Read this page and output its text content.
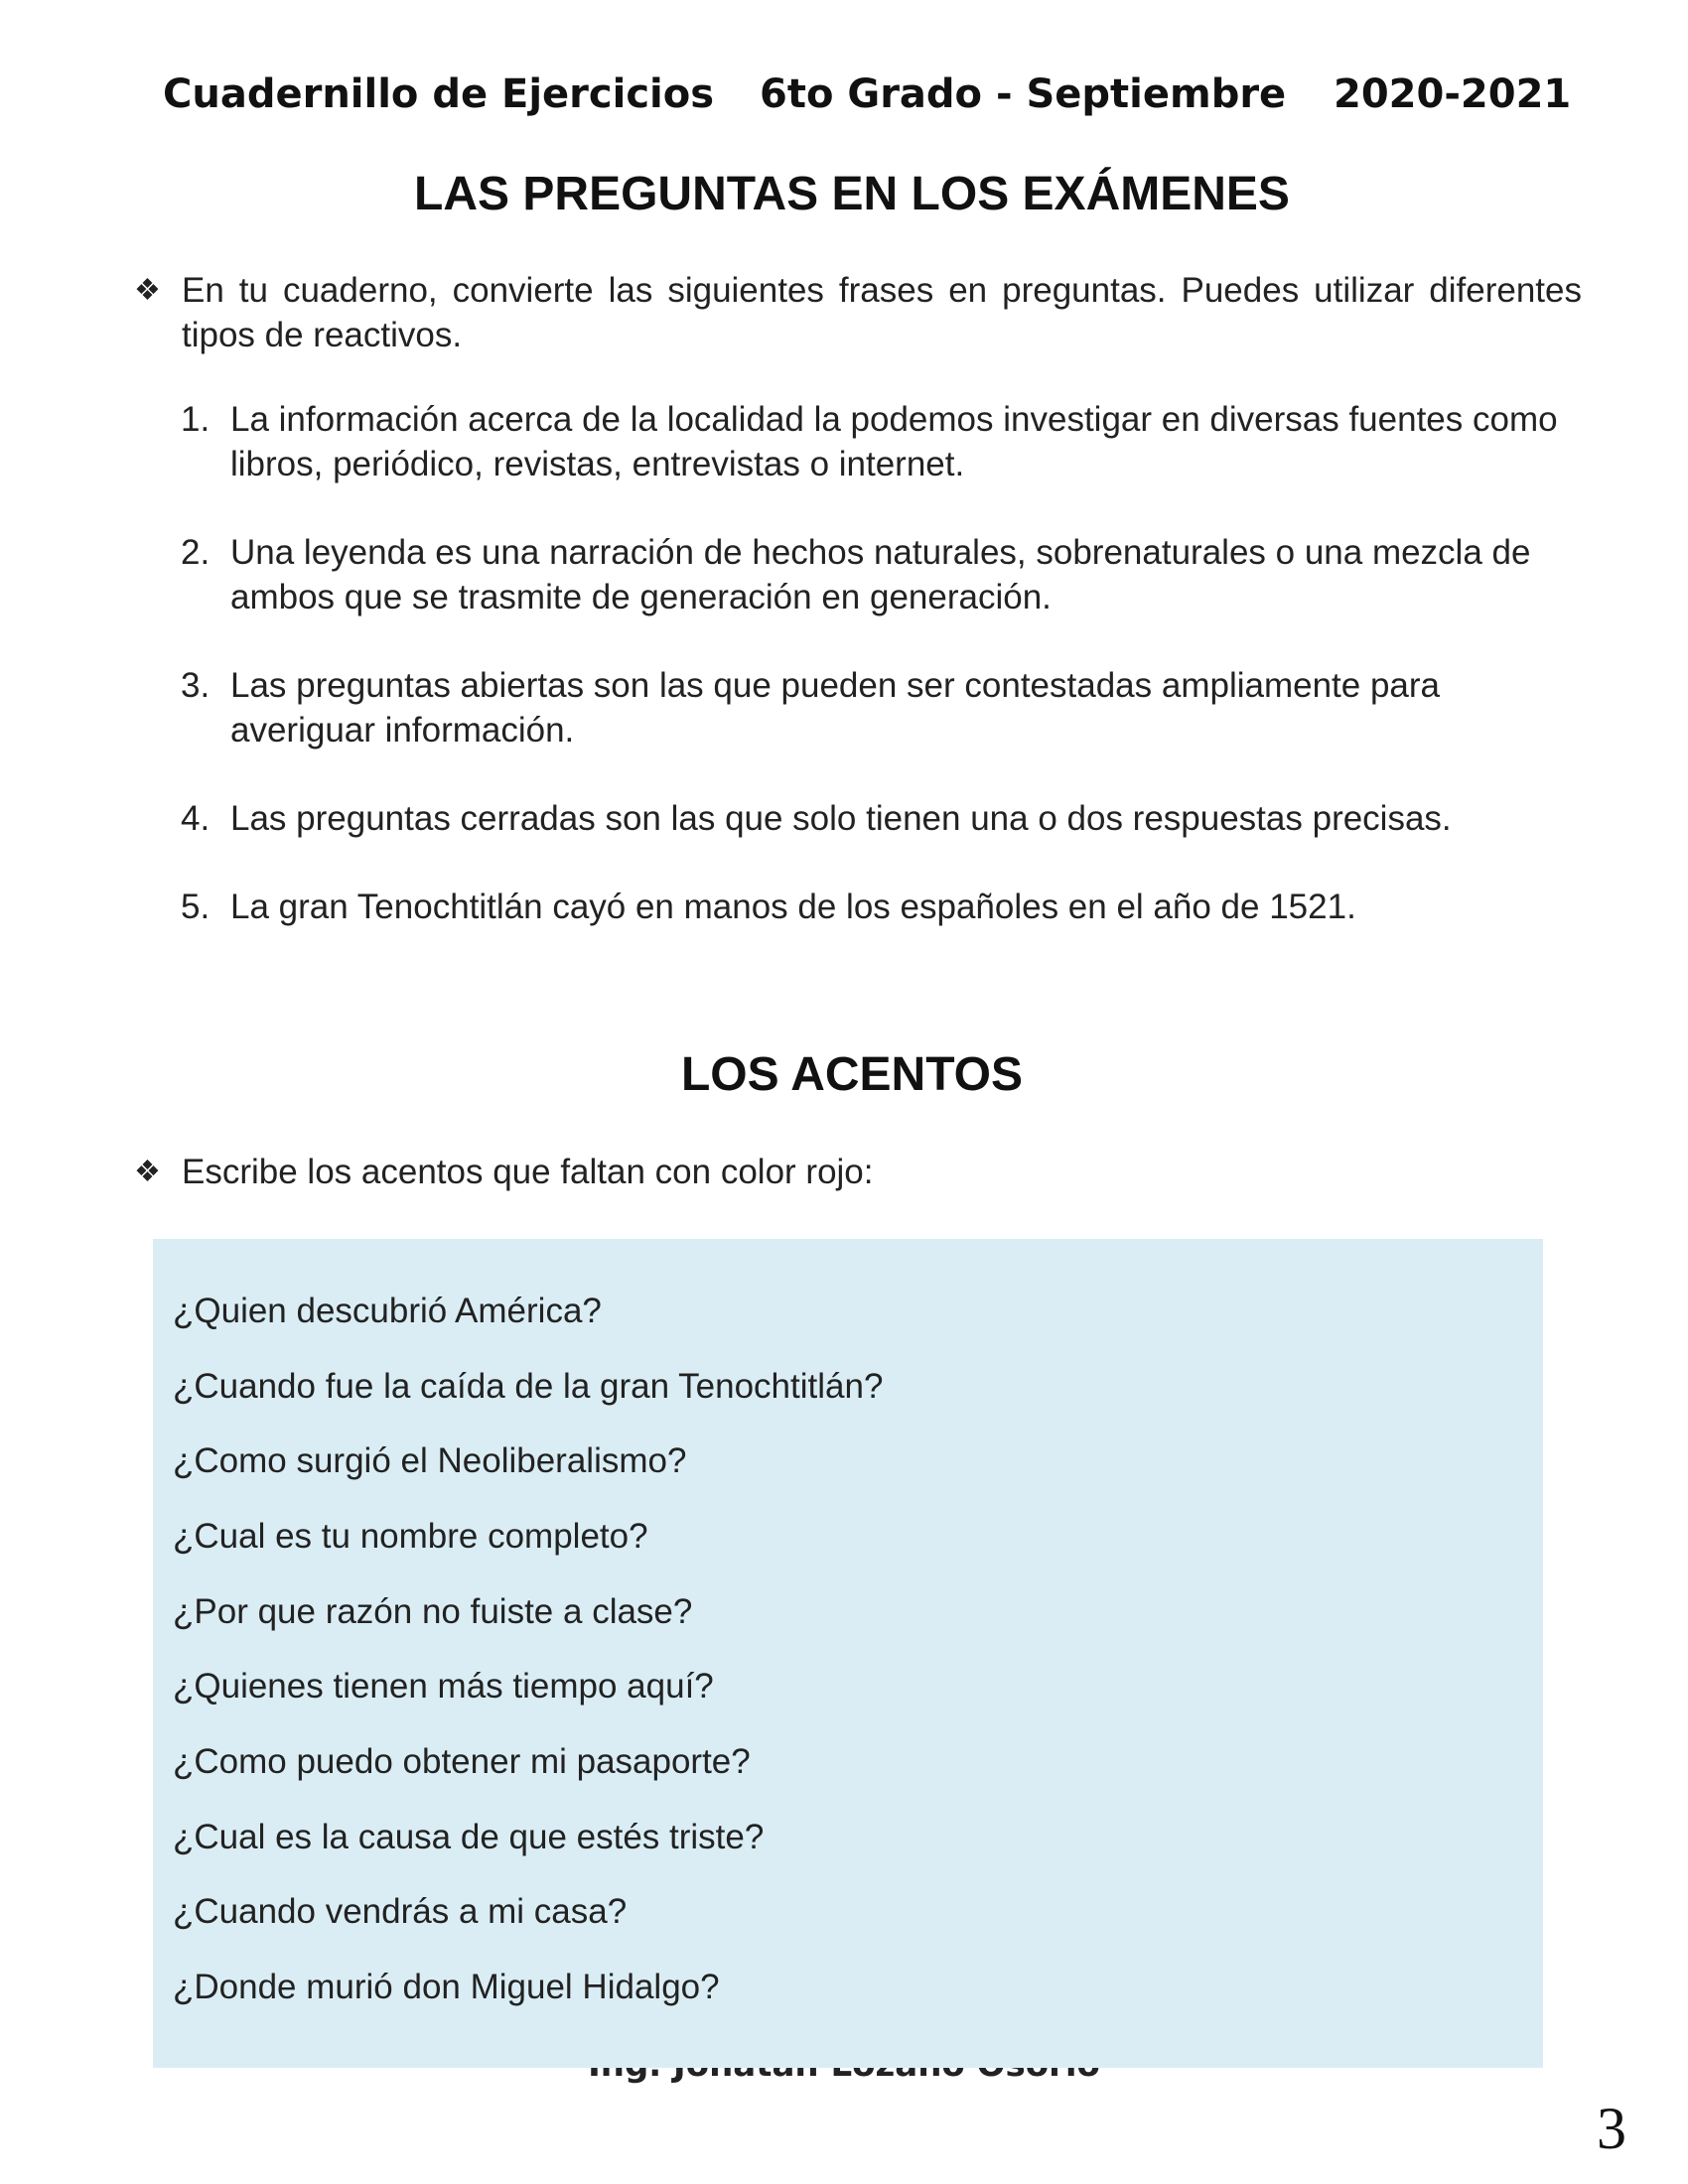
Cuadernillo de Ejercicios 6to Grado - Septiembre 2020-2021
LAS PREGUNTAS EN LOS EXÁMENES
❖ En tu cuaderno, convierte las siguientes frases en preguntas. Puedes utilizar diferentes tipos de reactivos.
1. La información acerca de la localidad la podemos investigar en diversas fuentes como libros, periódico, revistas, entrevistas o internet.
2. Una leyenda es una narración de hechos naturales, sobrenaturales o una mezcla de ambos que se trasmite de generación en generación.
3. Las preguntas abiertas son las que pueden ser contestadas ampliamente para averiguar información.
4. Las preguntas cerradas son las que solo tienen una o dos respuestas precisas.
5. La gran Tenochtitlán cayó en manos de los españoles en el año de 1521.
LOS ACENTOS
❖ Escribe los acentos que faltan con color rojo:
¿Quien descubrió América?
¿Cuando fue la caída de la gran Tenochtitlán?
¿Como surgió el Neoliberalismo?
¿Cual es tu nombre completo?
¿Por que razón no fuiste a clase?
¿Quienes tienen más tiempo aquí?
¿Como puedo obtener mi pasaporte?
¿Cual es la causa de que estés triste?
¿Cuando vendrás a mi casa?
¿Donde murió don Miguel Hidalgo?
3
